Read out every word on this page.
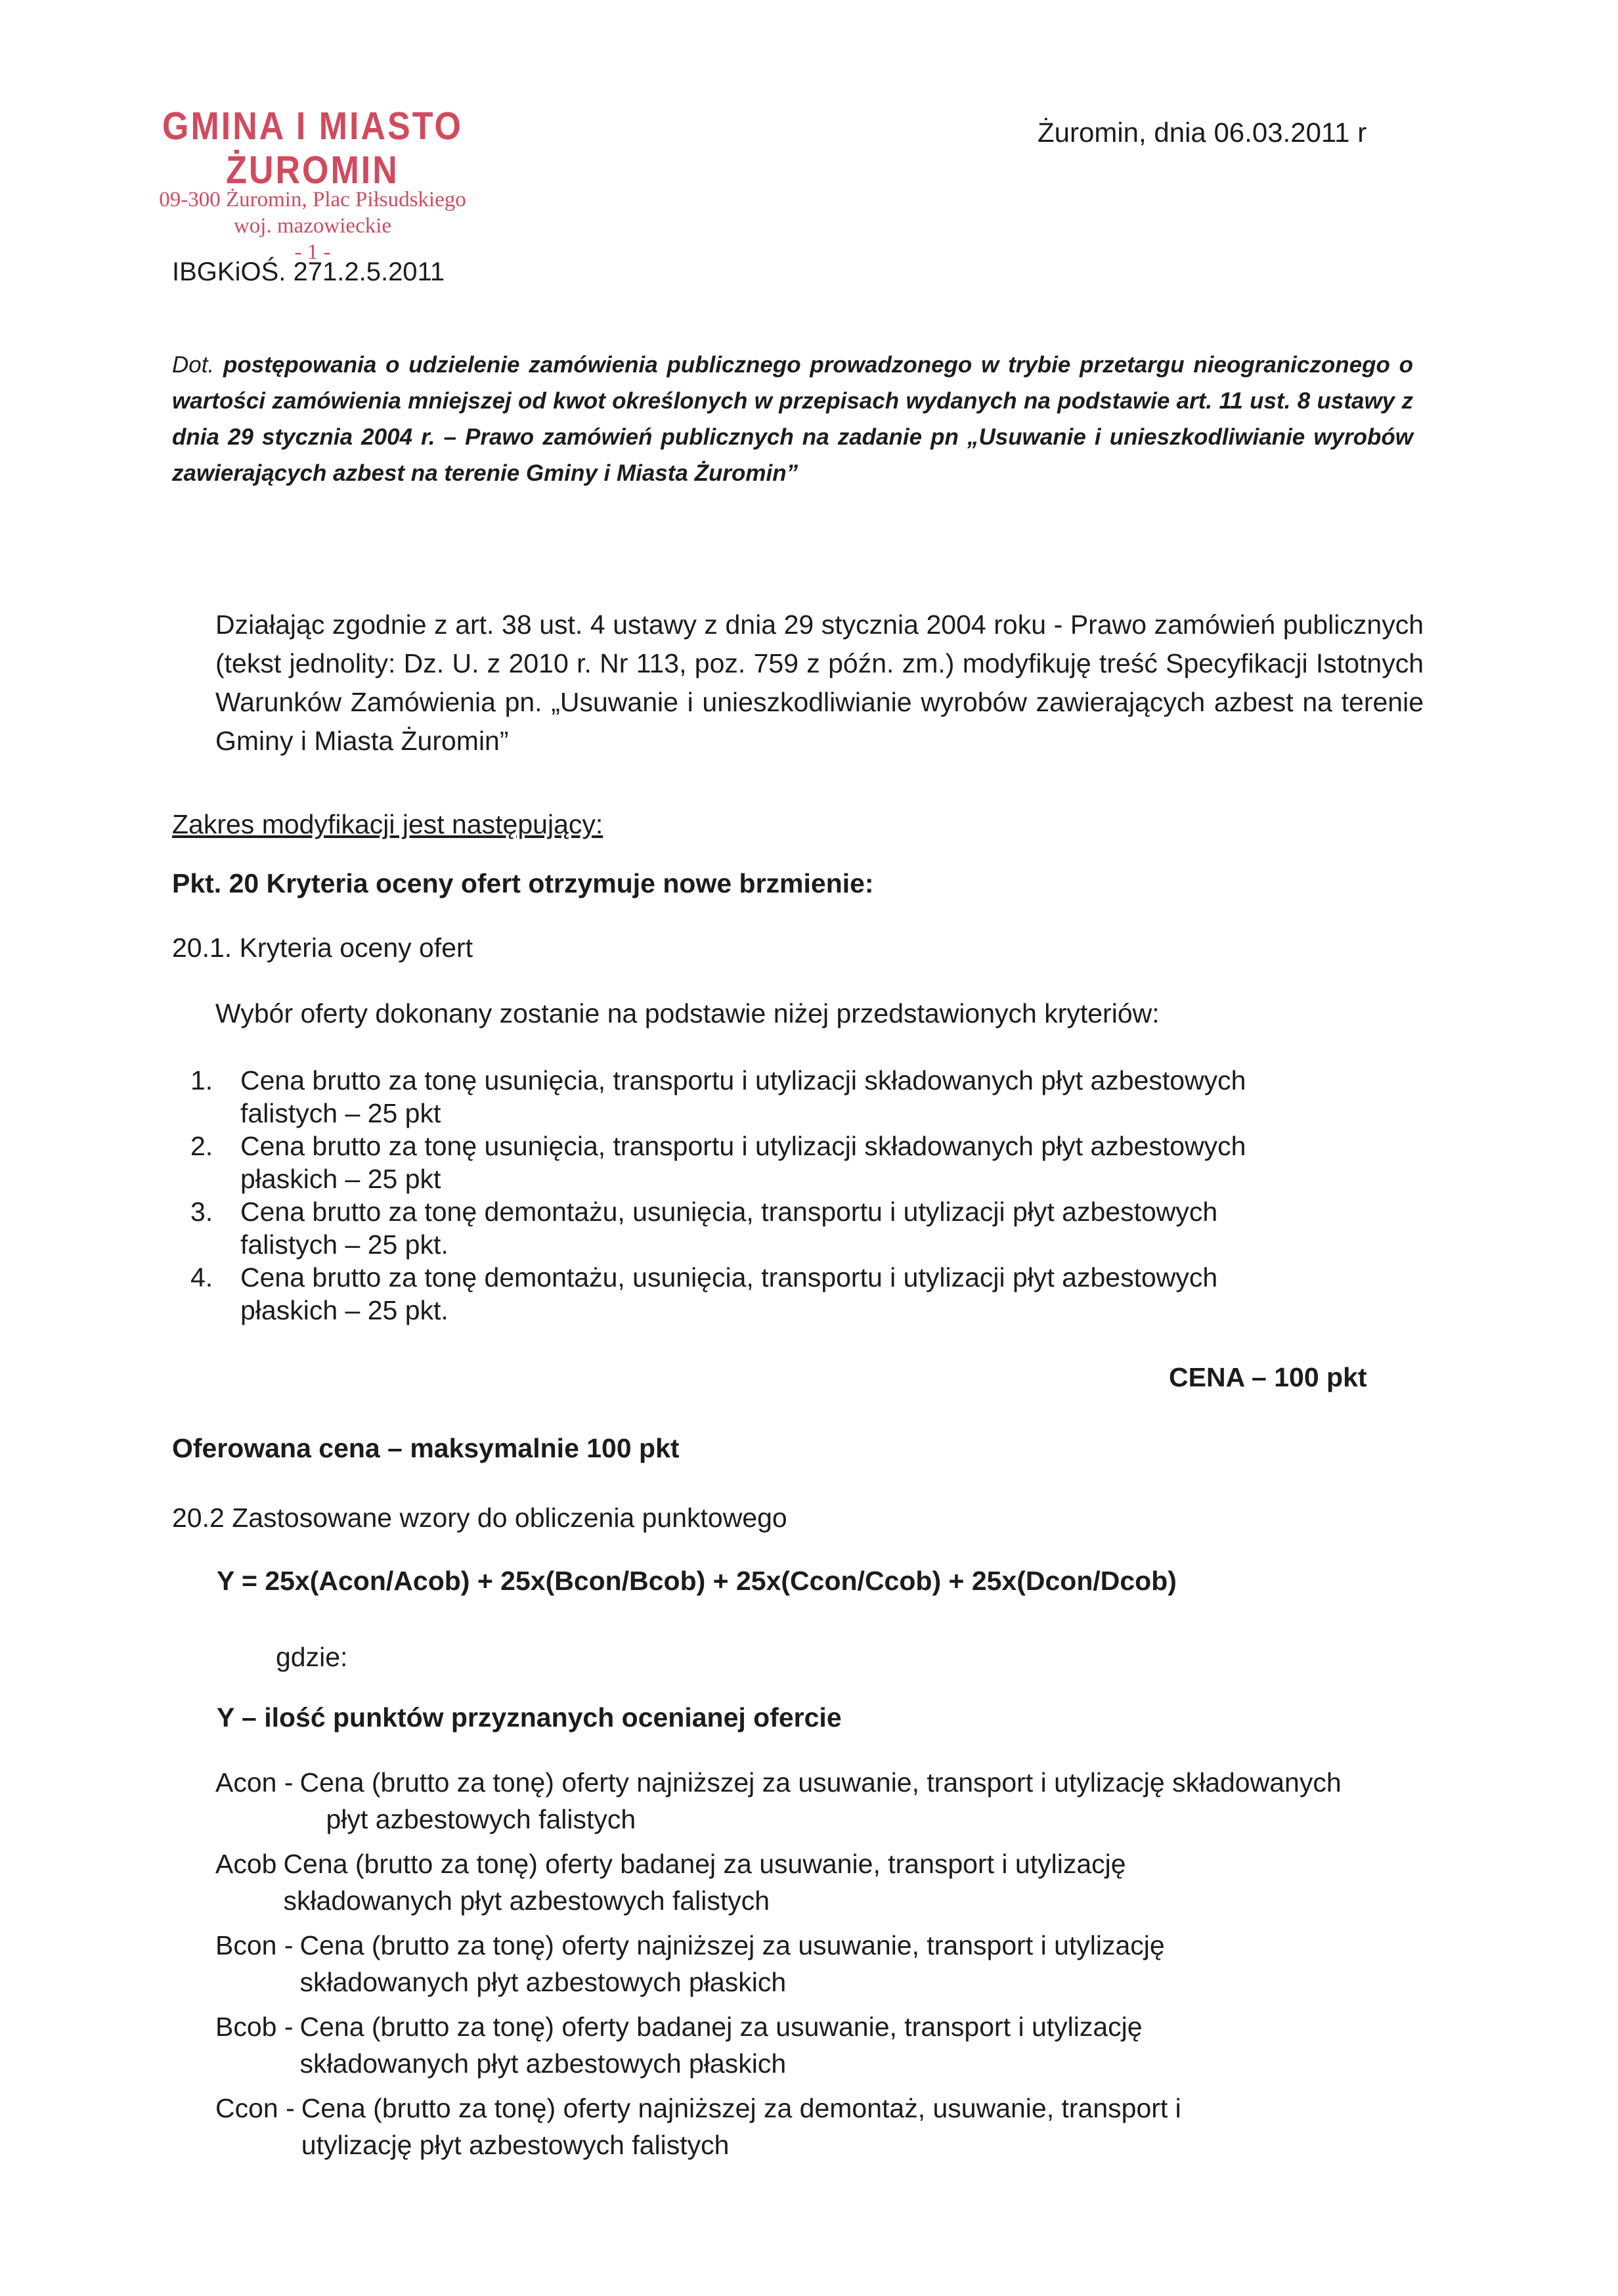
GMINA I MIASTO ŻUROMIN
09-300 Żuromin, Plac Piłsudskiego
woj. mazowieckie
- 1 -
Żuromin, dnia 06.03.2011 r
IBGKiOŚ. 271.2.5.2011
Dot. postępowania o udzielenie zamówienia publicznego prowadzonego w trybie przetargu nieograniczonego o wartości zamówienia mniejszej od kwot określonych w przepisach wydanych na podstawie art. 11 ust. 8 ustawy z dnia 29 stycznia 2004 r. – Prawo zamówień publicznych na zadanie pn „Usuwanie i unieszkodliwianie wyrobów zawierających azbest na terenie Gminy i Miasta Żuromin”
Działając zgodnie z art. 38 ust. 4 ustawy z dnia 29 stycznia 2004 roku - Prawo zamówień publicznych (tekst jednolity: Dz. U. z 2010 r. Nr 113, poz. 759 z późn. zm.) modyfikuję treść Specyfikacji Istotnych Warunków Zamówienia pn. „Usuwanie i unieszkodliwianie wyrobów zawierających azbest na terenie Gminy i Miasta Żuromin”
Zakres modyfikacji jest następujący:
Pkt. 20 Kryteria oceny ofert otrzymuje nowe brzmienie:
20.1. Kryteria oceny ofert
Wybór oferty dokonany zostanie na podstawie niżej przedstawionych kryteriów:
1. Cena brutto za tonę usunięcia, transportu i utylizacji składowanych płyt azbestowych
falistych – 25 pkt
2. Cena brutto za tonę usunięcia, transportu i utylizacji składowanych płyt azbestowych
płaskich – 25 pkt
3. Cena brutto za tonę demontażu, usunięcia, transportu i utylizacji płyt azbestowych
falistych – 25 pkt.
4. Cena brutto za tonę demontażu, usunięcia, transportu i utylizacji płyt azbestowych
płaskich – 25 pkt.
CENA – 100 pkt
Oferowana cena – maksymalnie 100 pkt
20.2 Zastosowane wzory do obliczenia punktowego
Y = 25x(Acon/Acob) + 25x(Bcon/Bcob) + 25x(Ccon/Ccob) + 25x(Dcon/Dcob)
gdzie:
Y – ilość punktów przyznanych ocenianej ofercie
Acon - Cena (brutto za tonę) oferty najniższej za usuwanie, transport i utylizację składowanych
płyt azbestowych falistych
Acob Cena (brutto za tonę) oferty badanej za usuwanie, transport i utylizację
składowanych płyt azbestowych falistych
Bcon - Cena (brutto za tonę) oferty najniższej za usuwanie, transport i utylizację
składowanych płyt azbestowych płaskich
Bcob - Cena (brutto za tonę) oferty badanej za usuwanie, transport i utylizację
składowanych płyt azbestowych płaskich
Ccon - Cena (brutto za tonę) oferty najniższej za demontaż, usuwanie, transport i
utylizację płyt azbestowych falistych
